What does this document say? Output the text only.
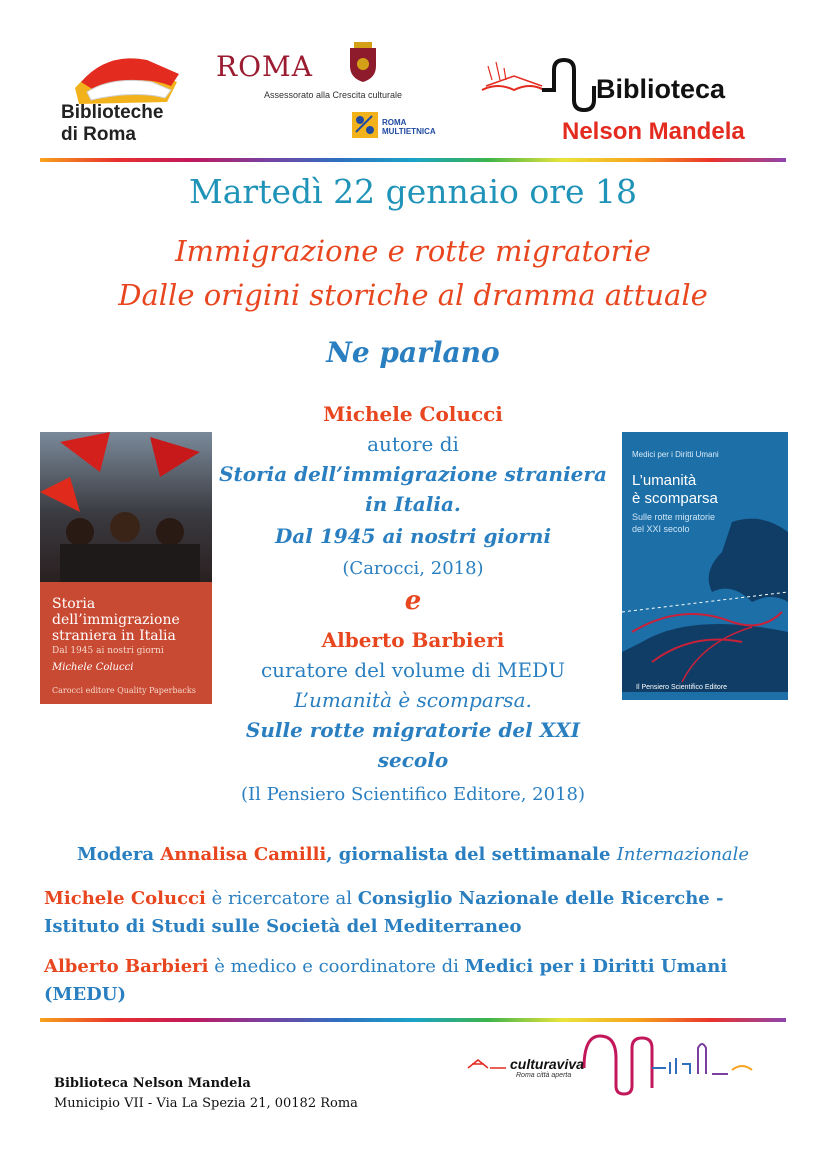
Biblioteche
di Roma
ROMA
Assessorato alla Crescita culturale
ROMA
MULTIETNICA
Biblioteca
Nelson Mandela
Martedì 22 gennaio ore 18
Immigrazione e rotte migratorie
Dalle origini storiche al dramma attuale
Ne parlano
Storia
dell’immigrazione
straniera in Italia
Dal 1945 ai nostri giorni
Michele Colucci
Carocci editore Quality Paperbacks
Medici per i Diritti Umani
L’umanità
è scomparsa
Sulle rotte migratorie
del XXI secolo
Il Pensiero Scientifico Editore
Michele Colucci
autore di
Storia dell’immigrazione straniera
in Italia.
Dal 1945 ai nostri giorni
(Carocci, 2018)
e
Alberto Barbieri
curatore del volume di MEDU
L’umanità è scomparsa.
Sulle rotte migratorie del XXI
secolo
(Il Pensiero Scientifico Editore, 2018)
Modera Annalisa Camilli, giornalista del settimanale Internazionale
Michele Colucci è ricercatore al Consiglio Nazionale delle Ricerche -
Istituto di Studi sulle Società del Mediterraneo
Alberto Barbieri è medico e coordinatore di Medici per i Diritti Umani
(MEDU)
Biblioteca Nelson Mandela
Municipio VII - Via La Spezia 21, 00182 Roma
culturaviva
Roma città aperta
